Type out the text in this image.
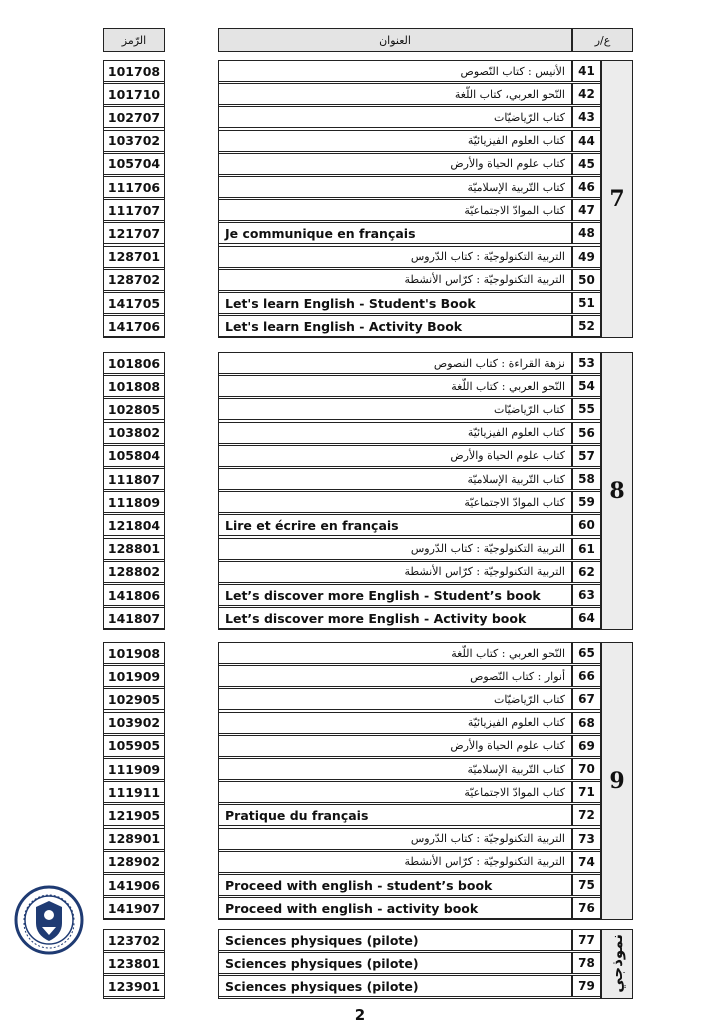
الرّمز	العنوان	ع/ر
101708	الأنيس : كتاب النّصوص	41
101710	النّحو العربي، كتاب اللّغة	42
102707	كتاب الرّياضيّات	43
103702	كتاب العلوم الفيزيائيّة	44
105704	كتاب علوم الحياة والأرض	45
111706	كتاب التّربية الإسلاميّة	46
111707	كتاب الموادّ الاجتماعيّة	47
121707	Je communique en français	48
128701	التربية التكنولوجيّة : كتاب الدّروس	49
128702	التربية التكنولوجيّة : كرّاس الأنشطة	50
141705	Let's learn English - Student's Book	51
141706	Let's learn English - Activity Book	52
7
101806	نزهة القراءة : كتاب النصوص	53
101808	النّحو العربي : كتاب اللّغة	54
102805	كتاب الرّياضيّات	55
103802	كتاب العلوم الفيزيائيّة	56
105804	كتاب علوم الحياة والأرض	57
111807	كتاب التّربية الإسلاميّة	58
111809	كتاب الموادّ الاجتماعيّة	59
121804	Lire et écrire en français	60
128801	التربية التكنولوجيّة : كتاب الدّروس	61
128802	التربية التكنولوجيّة : كرّاس الأنشطة	62
141806	Let’s discover more English - Student’s book	63
141807	Let’s discover more English - Activity book	64
8
101908	النّحو العربي : كتاب اللّغة	65
101909	أنوار : كتاب النّصوص	66
102905	كتاب الرّياضيّات	67
103902	كتاب العلوم الفيزيائيّة	68
105905	كتاب علوم الحياة والأرض	69
111909	كتاب التّربية الإسلاميّة	70
111911	كتاب الموادّ الاجتماعيّة	71
121905	Pratique du français	72
128901	التربية التكنولوجيّة : كتاب الدّروس	73
128902	التربية التكنولوجيّة : كرّاس الأنشطة	74
141906	Proceed with english - student’s book	75
141907	Proceed with english - activity book	76
9
123702	Sciences physiques (pilote)	77
123801	Sciences physiques (pilote)	78
123901	Sciences physiques (pilote)	79 نموذجي
2
